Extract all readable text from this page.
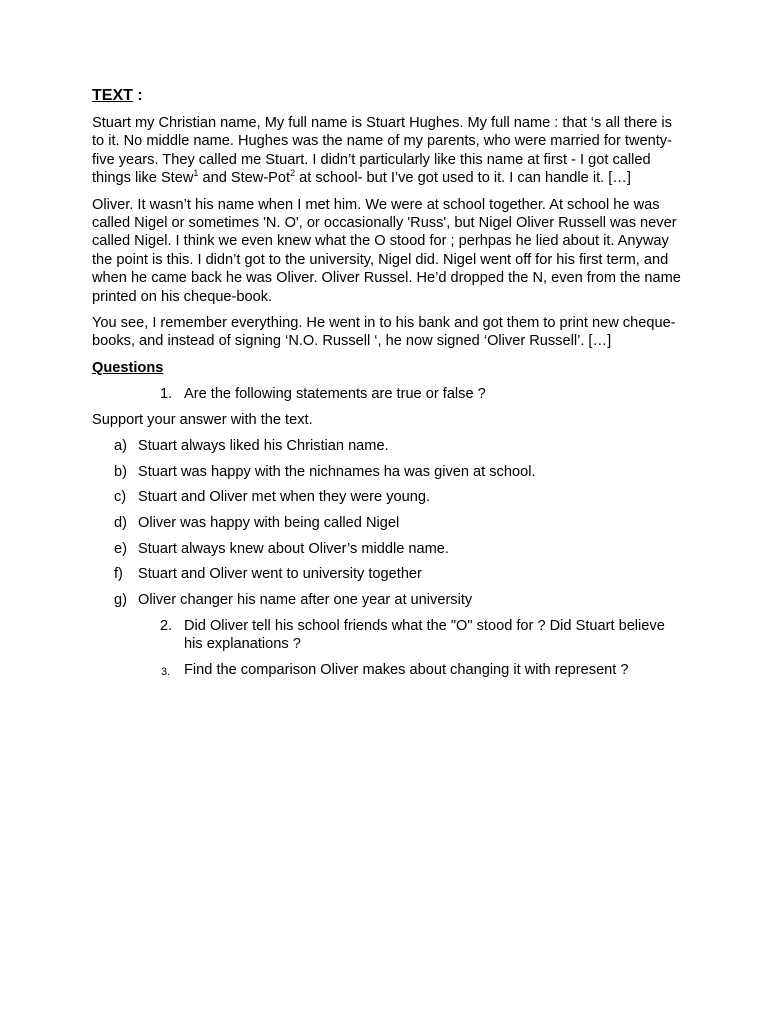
TEXT :

Stuart my Christian name, My full name is Stuart Hughes. My full name : that ‘s all there is to it. No middle name. Hughes was the name of my parents, who were married for twenty-five years. They called me Stuart. I didn’t particularly like this name at first - I got called things like Stew$^1$ and Stew-Pot$^2$ at school- but I’ve got used to it. I can handle it. […]

Oliver. It wasn’t his name when I met him. We were at school together. At school he was called Nigel or sometimes 'N. O', or occasionally 'Russ', but Nigel Oliver Russell was never called Nigel. I think we even knew what the O stood for ; perhpas he lied about it. Anyway the point is this. I didn’t got to the university, Nigel did. Nigel went off for his first term, and when he came back he was Oliver. Oliver Russel. He’d dropped the N, even from the name printed on his cheque-book.

You see, I remember everything. He went in to his bank and got them to print new cheque-books, and instead of signing ‘N.O. Russell ‘, he now signed ‘Oliver Russell’. […]

Questions
1. Are the following statements are true or false ?
Support your answer with the text.
a) Stuart always liked his Christian name.
b) Stuart was happy with the nichnames ha was given at school.
c) Stuart and Oliver met when they were young.
d) Oliver was happy with being called Nigel
e) Stuart always knew about Oliver’s middle name.
f) Stuart and Oliver went to university together
g) Oliver changer his name after one year at university
2. Did Oliver tell his school friends what the "O" stood for ? Did Stuart believe his explanations ?
3. Find the comparison Oliver makes about changing it with represent ?
